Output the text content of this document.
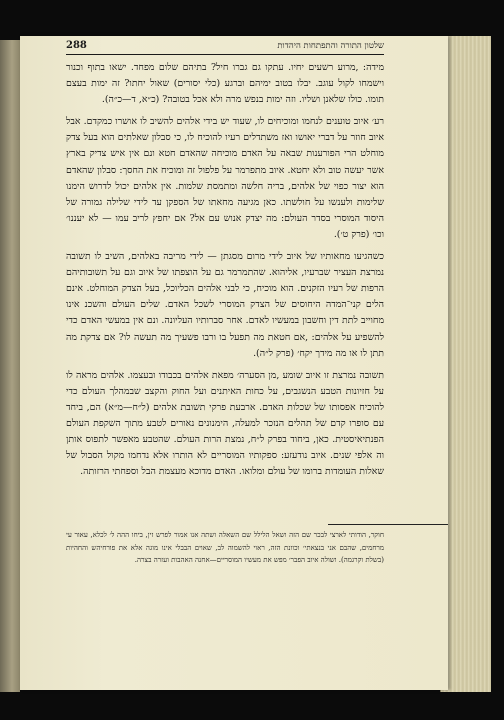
288	שלטון התורה והתפתחות היהדות

מידה: ,מרוע רשעים יחיו. עתקו גם גברו חיל? בתיהם שלום מפחד. ישאו בתוף וכנור וישמחו לקול עוגב. יבלו בטוב ימיהם וברגע (כלי יסורים) שאול יחתו? זה ימות בעצם תומו. כולו שלאנן ושליו. וזה ימות בנפש מרה ולא אכל בטובה? (כ״א, ד—כ״ה).

רע׳ איוב טוענים לנחמו ומוכיחים לו, שעוד יש בידי אלהים להשיב לו אושרו כמקדם. אבל איוב חוזר על דברי יאושו ואז משתדלים רעיו להוכיח לו, כי סבלון שאלתים הוא בעל צדק מוחלט הרי הפורענות שבאה על האדם מוכיחה שהאדם חטא ונם אין איש צדיק בארץ אשר יעשה טוב ולא יחטא. איוב מתפרמר על פלפול זה ומוכיח את החסך: סבלון שהאדם הוא יצור כפוי של אלהים, בריה חלשה ומתמסת שלמות. אין אלהים יכול לדרוש הימנו שלימות ולענשו על חולשתו. כאן מגיעה מחאתו של הספקן עד לידי שלילה גמורה של היסוד המוסרי בסדר העולם: מה יצדק אנוש עם אל? אם יחפץ לריב עמו — לא יעננו׳ וכו׳ (פרק ט׳).

כשהגיעו מחאותיו של איוב לידי מרום מסגתן — לידי מריבה באלהים, השיב לו תשובה נמרצת העציר שברעיו, אליהוא. שהתמרמר גם על הוצפתו של איוב וגם על תשובותיהם הרפות של רעיו הזקנים. הוא מוכיח, כי לבני אלהים הכליוכל, בעל הצדק המוחלט. אינם הלים קני־המדה היחוסים של הצדק המוסרי לשכל האדם. שלים העולם והשכנ אינו מחוייב לתת דין וחשבון במעשיו לאדם. אחר סברותיו העליונה. ונם אין במעשי האדם כדי להשפיע על אלהים: ,אם חטאת מה תפעל בו ורבו פשעיך מה תעשה לו? אם צדקת מה תתן לו או מה מידך יקח׳ (פרק ל״ה).

תשובה נמרצת זו איוב שומע ,מן הסערה׳ מפאת אלהים בכבודו ובעצמו. אלהים מראה לו על חזיונות הטבע הנשגבים, על כחות האיתנים ועל החוק והקצב שבמהלך העולם כדי להוכיח אפסותו של שכלות האדם. ארבעת פרקי תשובת אלהים (ל״ח—מ״א) הם, ביחד עם סופרו קדם של תהלים הנזכר למעלה, הימנונים נאורים לטבע מתוך השקפת העולם הפנתיאיסטית. כאן, ביחוד בפרק ל״ח, נמצת הרות העולם. שהטבע מאפשר לתפוס אותן וה אלפי שנים. איוב נודעזע: ספקותיו המוסריים לא הותרו אלא נדחמו מקול הסבול של שאלות העומדות ברומו של עולם ומלואו. האדם מדוכא מעצמת הבל וספחתי הרזותה.

חוקר, הודותי לארצי לבכר שם הזה ושאל הלילל שם השאלה ושתה אנו אמור לפרש זין, ביחו ההה ל׳ לכלא, עאור עי מרחמים, שהבם אני בנצאתי׳ וכוונת הזה, ראוי להשמוה לב, שאוים הבבלי אינו מוגה אלא את פורחיהש והחהיות (בשלת וקרגמה). ושולה איוב הפבר׳ מפש את מעשיו המוסריים—אחנה האהבות ועזרה בצרה.
